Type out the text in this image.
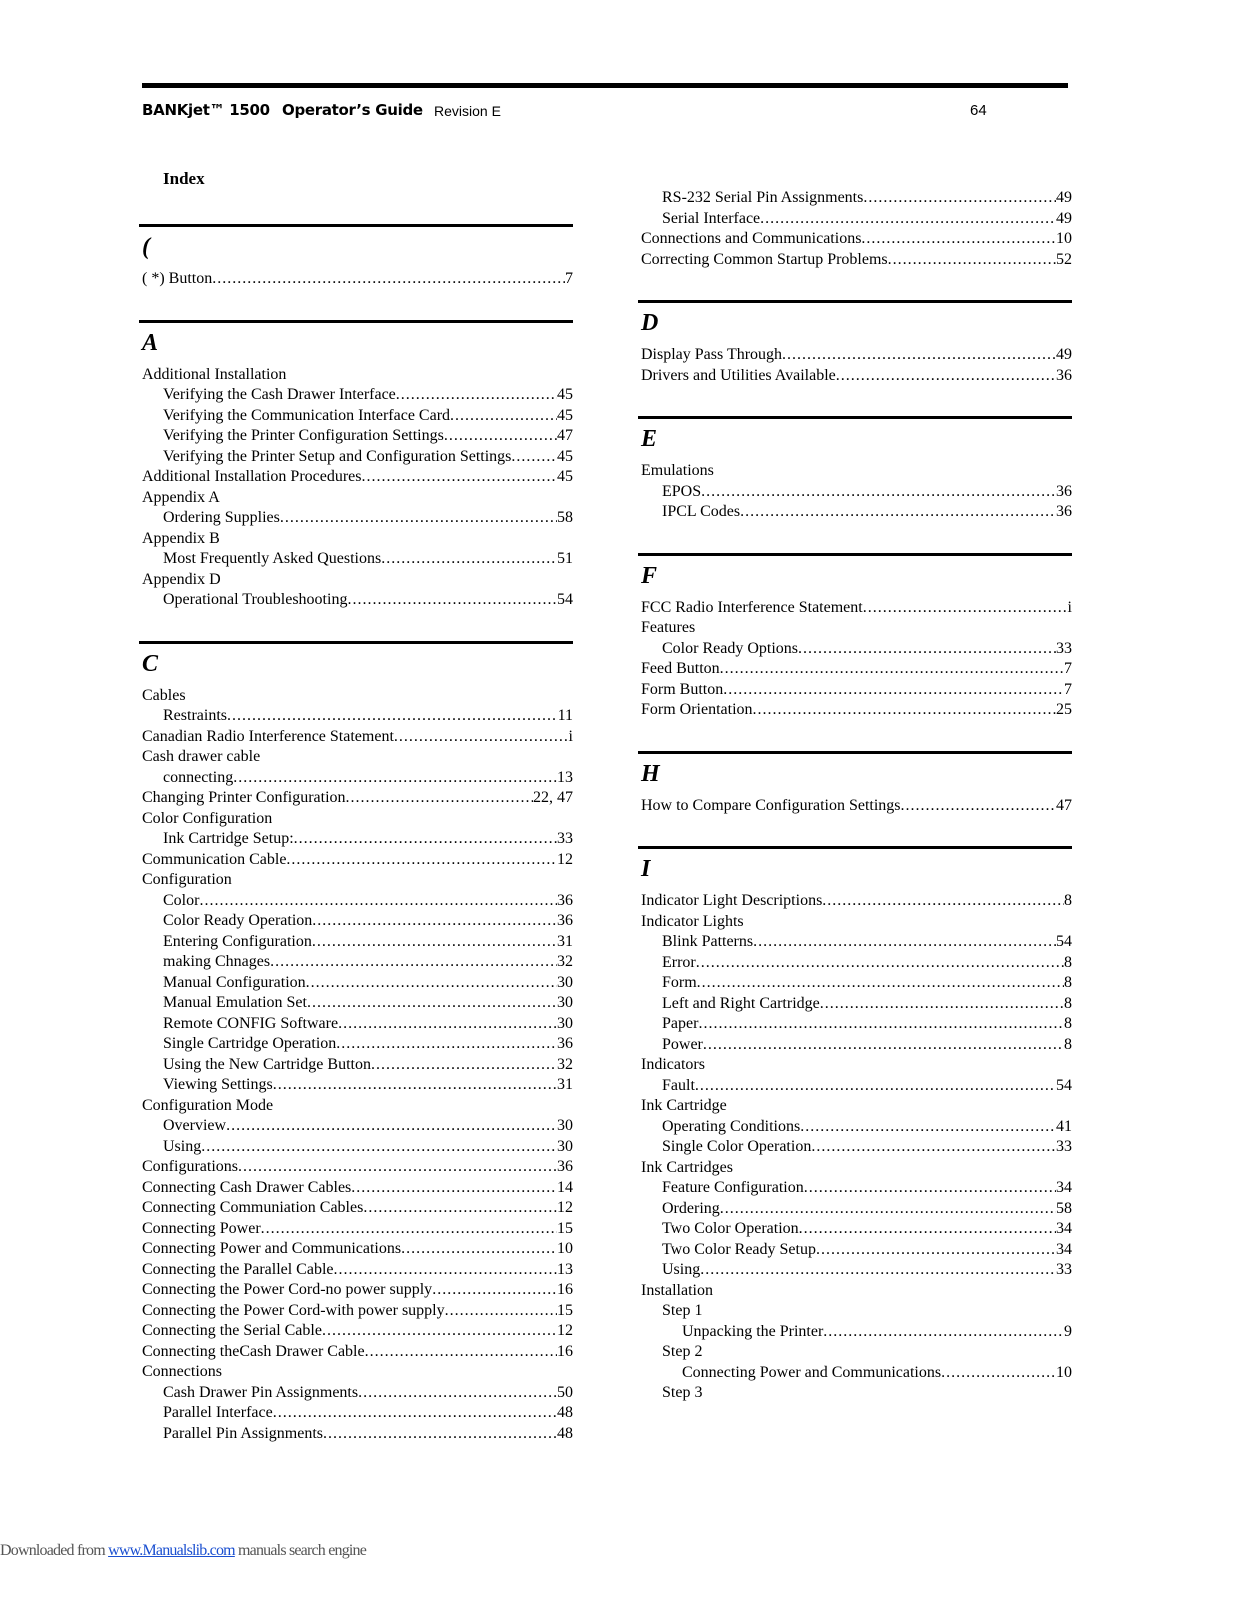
BANKjet™ 1500 Operator’s Guide Revision E	64
Index
(
( *) Button .....	7
A
Additional Installation
Verifying the Cash Drawer Interface .....	45
Verifying the Communication Interface Card .....	45
Verifying the Printer Configuration Settings .....	47
Verifying the Printer Setup and Configuration Settings .....	45
Additional Installation Procedures .....	45
Appendix A
Ordering Supplies .....	58
Appendix B
Most Frequently Asked Questions .....	51
Appendix D
Operational Troubleshooting .....	54
C
Cables
Restraints .....	11
Canadian Radio Interference Statement .....	i
Cash drawer cable
connecting .....	13
Changing Printer Configuration .....	22, 47
Color Configuration
Ink Cartridge Setup: .....	33
Communication Cable .....	12
Configuration
Color .....	36
Color Ready Operation .....	36
Entering Configuration .....	31
making Chnages .....	32
Manual Configuration .....	30
Manual Emulation Set .....	30
Remote CONFIG Software .....	30
Single Cartridge Operation .....	36
Using the New Cartridge Button .....	32
Viewing Settings .....	31
Configuration Mode
Overview .....	30
Using .....	30
Configurations .....	36
Connecting Cash Drawer Cables .....	14
Connecting Communiation Cables .....	12
Connecting Power .....	15
Connecting Power and Communications .....	10
Connecting the Parallel Cable .....	13
Connecting the Power Cord-no power supply .....	16
Connecting the Power Cord-with power supply .....	15
Connecting the Serial Cable .....	12
Connecting theCash Drawer Cable .....	16
Connections
Cash Drawer Pin Assignments .....	50
Parallel Interface .....	48
Parallel Pin Assignments .....	48
RS-232 Serial Pin Assignments .....	49
Serial Interface .....	49
Connections and Communications .....	10
Correcting Common Startup Problems .....	52
D
Display Pass Through .....	49
Drivers and Utilities Available .....	36
E
Emulations
EPOS .....	36
IPCL Codes .....	36
F
FCC Radio Interference Statement .....	i
Features
Color Ready Options .....	33
Feed Button .....	7
Form Button .....	7
Form Orientation .....	25
H
How to Compare Configuration Settings .....	47
I
Indicator Light Descriptions .....	8
Indicator Lights
Blink Patterns .....	54
Error .....	8
Form .....	8
Left and Right Cartridge .....	8
Paper .....	8
Power .....	8
Indicators
Fault .....	54
Ink Cartridge
Operating Conditions .....	41
Single Color Operation .....	33
Ink Cartridges
Feature Configuration .....	34
Ordering .....	58
Two Color Operation .....	34
Two Color Ready Setup .....	34
Using .....	33
Installation
Step 1
Unpacking the Printer .....	9
Step 2
Connecting Power and Communications .....	10
Step 3
Downloaded from www.Manualslib.com manuals search engine
